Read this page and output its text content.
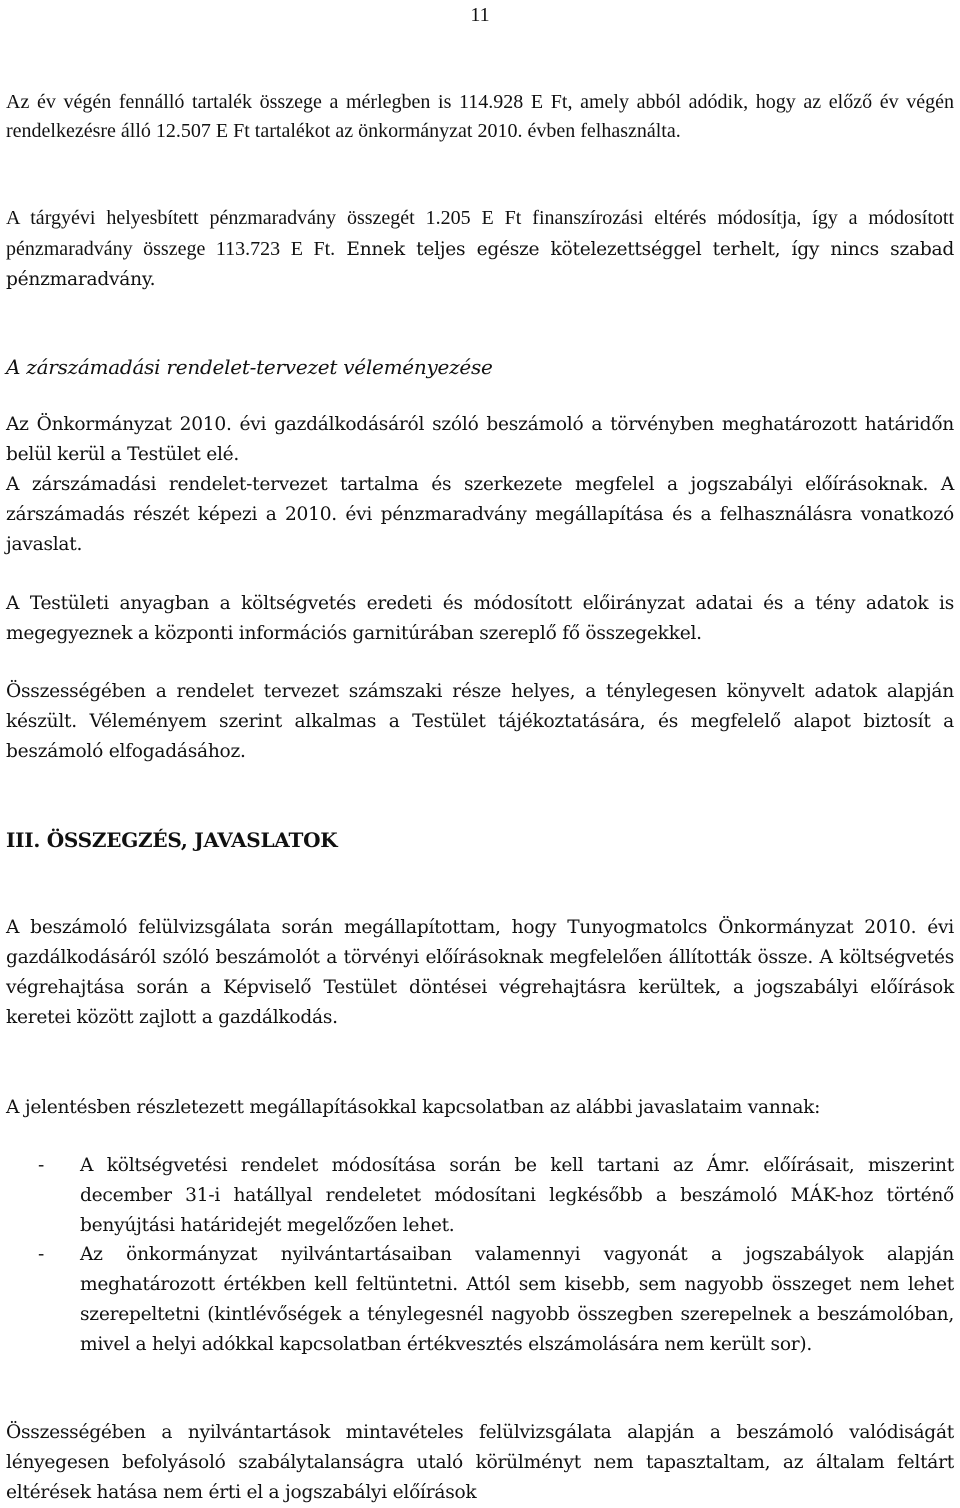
11

Az év végén fennálló tartalék összege a mérlegben is 114.928 E Ft, amely abból adódik, hogy az előző év végén rendelkezésre álló 12.507 E Ft tartalékot az önkormányzat 2010. évben felhasználta.

A tárgyévi helyesbített pénzmaradvány összegét 1.205 E Ft finanszírozási eltérés módosítja, így a módosított pénzmaradvány összege 113.723 E Ft. Ennek teljes egésze kötelezettséggel terhelt, így nincs szabad pénzmaradvány.

A zárszámadási rendelet-tervezet véleményezése

Az Önkormányzat 2010. évi gazdálkodásáról szóló beszámoló a törvényben meghatározott határidőn belül kerül a Testület elé.

A zárszámadási rendelet-tervezet tartalma és szerkezete megfelel a jogszabályi előírásoknak. A zárszámadás részét képezi a 2010. évi pénzmaradvány megállapítása és a felhasználásra vonatkozó javaslat.

A Testületi anyagban a költségvetés eredeti és módosított előirányzat adatai és a tény adatok is megegyeznek a központi információs garnitúrában szereplő fő összegekkel.

Összességében a rendelet tervezet számszaki része helyes, a ténylegesen könyvelt adatok alapján készült. Véleményem szerint alkalmas a Testület tájékoztatására, és megfelelő alapot biztosít a beszámoló elfogadásához.

III. ÖSSZEGZÉS, JAVASLATOK

A beszámoló felülvizsgálata során megállapítottam, hogy Tunyogmatolcs Önkormányzat 2010. évi gazdálkodásáról szóló beszámolót a törvényi előírásoknak megfelelően állították össze. A költségvetés végrehajtása során a Képviselő Testület döntései végrehajtásra kerültek, a jogszabályi előírások keretei között zajlott a gazdálkodás.

A jelentésben részletezett megállapításokkal kapcsolatban az alábbi javaslataim vannak:

- A költségvetési rendelet módosítása során be kell tartani az Ámr. előírásait, miszerint december 31-i hatállyal rendeletet módosítani legkésőbb a beszámoló MÁK-hoz történő benyújtási határidejét megelőzően lehet.

- Az önkormányzat nyilvántartásaiban valamennyi vagyonát a jogszabályok alapján meghatározott értékben kell feltüntetni. Attól sem kisebb, sem nagyobb összeget nem lehet szerepeltetni (kintlévőségek a ténylegesnél nagyobb összegben szerepelnek a beszámolóban, mivel a helyi adókkal kapcsolatban értékvesztés elszámolására nem került sor).

Összességében a nyilvántartások mintavételes felülvizsgálata alapján a beszámoló valódiságát lényegesen befolyásoló szabálytalanságra utaló körülményt nem tapasztaltam, az általam feltárt eltérések hatása nem érti el a jogszabályi előírások
